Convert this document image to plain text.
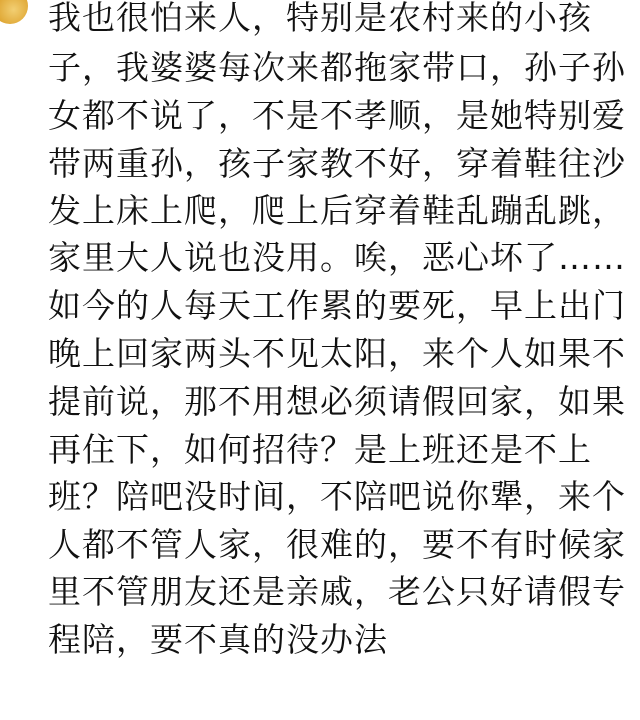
我也很怕来人，特别是农村来的小孩
子，我婆婆每次来都拖家带口，孙子孙
女都不说了，不是不孝顺，是她特别爱
带两重孙，孩子家教不好，穿着鞋往沙
发上床上爬，爬上后穿着鞋乱蹦乱跳，
家里大人说也没用。唉，恶心坏了……
如今的人每天工作累的要死，早上出门
晚上回家两头不见太阳，来个人如果不
提前说，那不用想必须请假回家，如果
再住下，如何招待？是上班还是不上
班？陪吧没时间，不陪吧说你犟，来个
人都不管人家，很难的，要不有时候家
里不管朋友还是亲戚，老公只好请假专
程陪，要不真的没办法
